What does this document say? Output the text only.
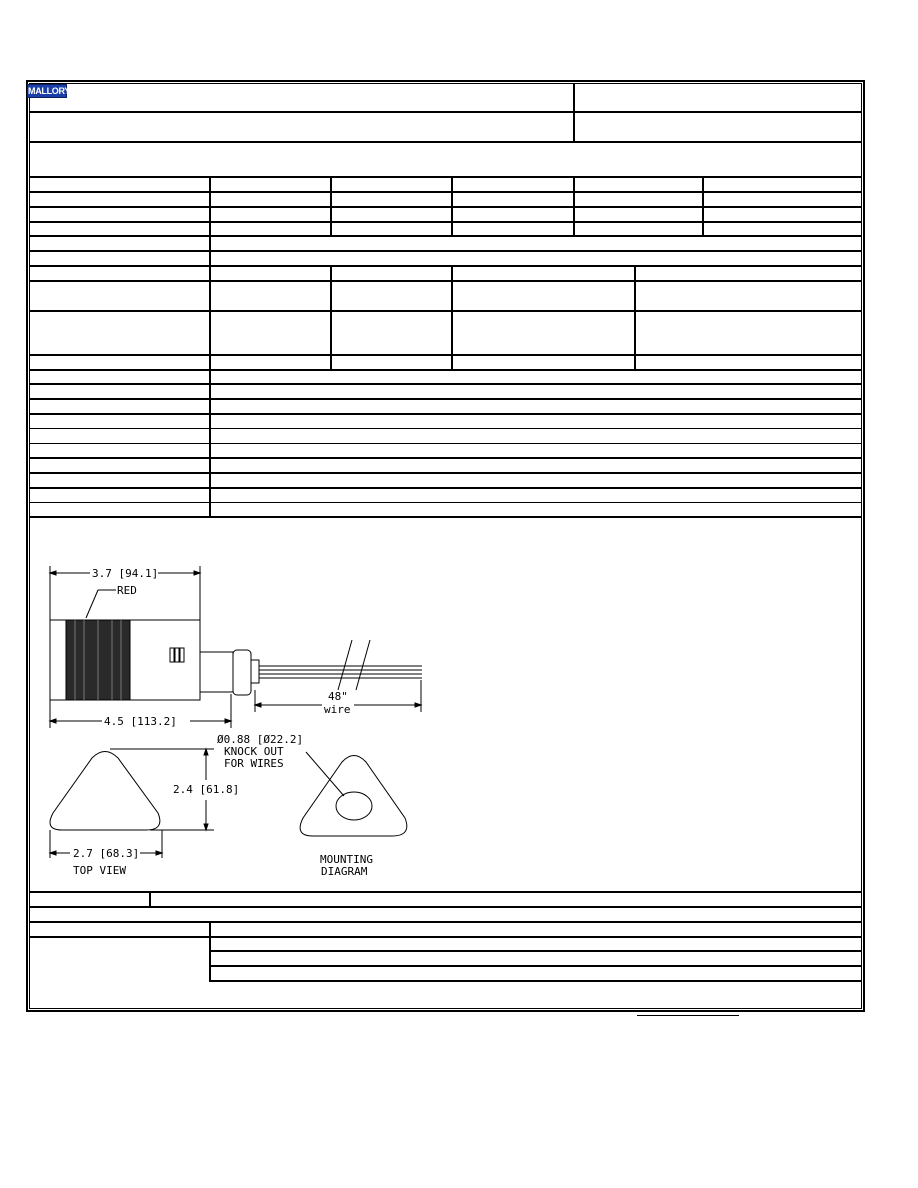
MALLORY
3.7 [94.1]
RED
4.5 [113.2]
48"
wire
Ø0.88 [Ø22.2]
KNOCK OUT
FOR WIRES
2.4 [61.8]
2.7 [68.3]
TOP VIEW
MOUNTING
DIAGRAM
